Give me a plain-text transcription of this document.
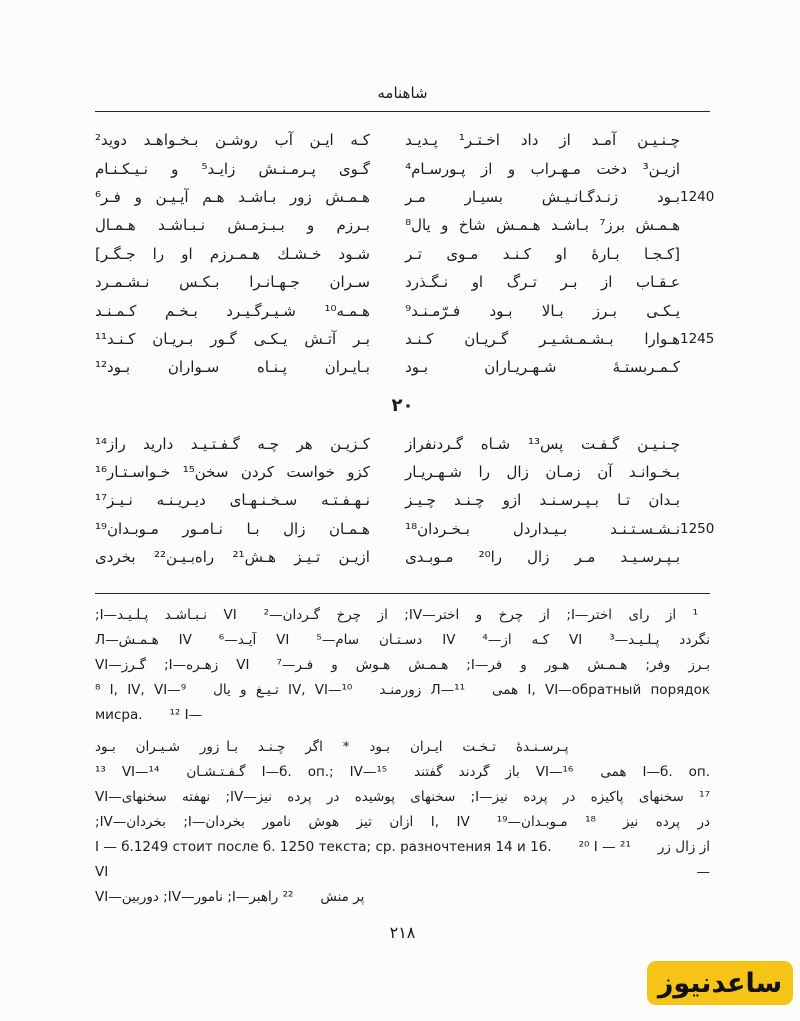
شاهنامه
كـه ايـن آب روشـن بـخـواهـد دويد² چـنـيـن آمـد از داد اخـتـر¹ پـديـد
گـوی پـرمـنـش زايـد⁵ و نـيـكـنـام ازيـن³ دخت مـهـراب و از پـورسـام⁴
هـمـش زور بـاشـد هـم آيـيـن و فـر⁶ بـود زنـدگـانـيـش بسيـار مـر 1240
بـرزم و بـبـزمـش نـبـاشـد هـمـال هـمـش برز⁷ بـاشـد هـمـش شاخ و يال⁸
شـود خـشـك هـمـرزم او را جـگـر] [كـجـا بـارهٔ او كـنـد مـوی تـر
سـران جـهـانـرا بـكـس نـشـمـرد عـقـاب از بـر تـرگ او نـگـذرد
هـمـه¹⁰ شـيـرگـيـرد بـخـم كـمـنـد يـكـى بـرز بـالا بـود فـرّمـنـد⁹
بـر آتـش يـكـى گـور بـريـان كـنـد¹¹ هـوارا بـشـمـشـيـر گـريـان كـنـد 1245
بـايـران پـنـاه سـواران بـود¹² كـمـربستـهٔ شـهـريـاران بـود
۲۰
كـزيـن هر چـه گـفـتـيـد داريد راز¹⁴ چـنـيـن گـفـت پس¹³ شـاه گـردنفراز
كزو خواست كردن سخن¹⁵ خـواسـتـار¹⁶ بـخـوانـد آن زمـان زال را شـهـريـار
نـهـفـتـه سـخـنـهـای ديـريـنـه نـيـز¹⁷ بـدان تـا بـپـرسـنـد ازو چـنـد چـيـز
هـمـان زال بـا نـامـور مـوبـدان¹⁹ نـشـسـتـنـد بـيـداردل بـخـردان¹⁸ 1250
ازيـن تـيـز هـش²¹ راه‌بـيـن²² بخردی بـپـرسـيـد مـر زال را²⁰ مـوبـدی
¹ از رای اختر—I; از چرخ و اختر—IV; از چرخ گـردان—VI  ² نـبـاشـد پـلـيـد—I;
نگردد پـلـيـد—VI  ³ كـه از—IV  ⁴ دسـتـان سام—VI  ⁵ آيـد—IV  ⁶ هـمـش—Л
بـرز وفر; هـمـش هـور و فر—I; هـمـش هـوش و فـر—VI  ⁷ زهـره—I; گـرز—VI
⁸ I, IV, VI—تـيـغ و يال  ⁹ IV, VI—زورمنـد  ¹⁰ Л—همی  ¹¹ I, VI—обратный порядок
мисра.  ¹² I—
پـرسـنـدهٔ تـخـت ايـران بـود * اگر چـنـد بـا زور شـيـران بـود
¹³ VI—گـفـتـشـان  ¹⁴ I—б. оп.; IV—باز گردند گفتند  ¹⁵ VI—همی  ¹⁶ I—б. оп.
¹⁷ سخنهای پاكيزه در پرده نيز—I; سخنهای پوشيده در پرده نيز—IV; نهفته سخنهای—VI
در پرده نيز  ¹⁸ مـوبـدان—I, IV  ¹⁹ ازان تيز هوش نامور بخردان—I; بخردان—IV;
I — б.1249 стоит после б. 1250 текста; ср. разночтения 14 и 16.  ²⁰ I — از زال زر  ²¹ VI —
پر منش  ²² راهبر—I; نامور—IV; دوربين—VI
۲۱۸
ساعدنیوز
